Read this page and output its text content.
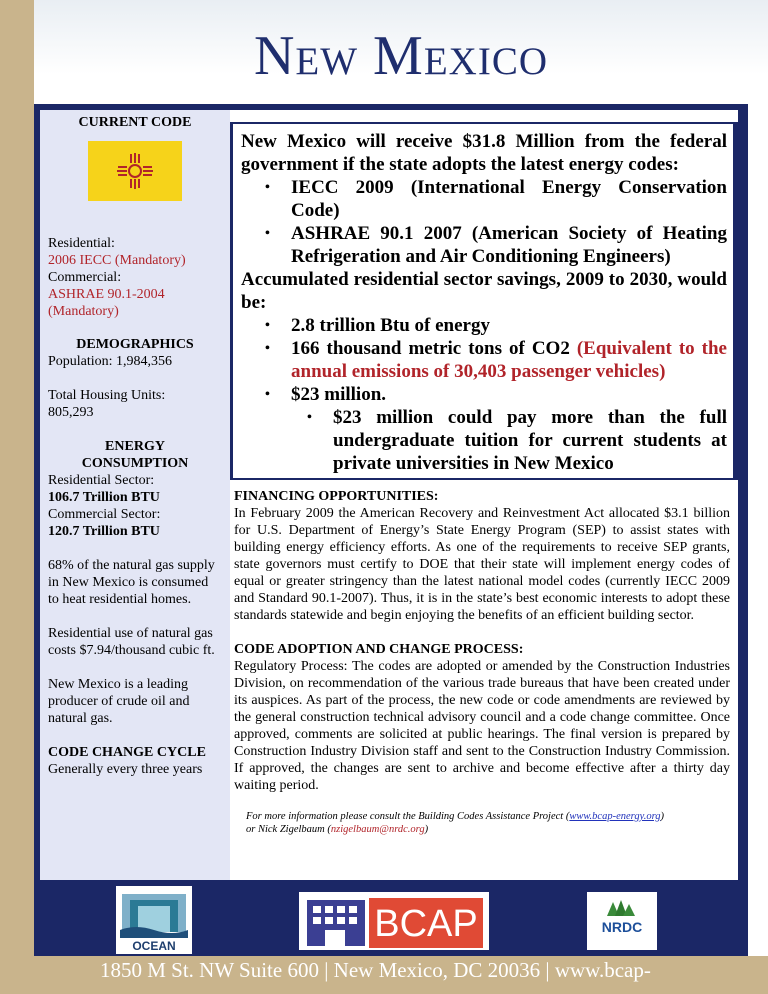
New Mexico

CURRENT CODE

Residential:

2006 IECC (Mandatory)

Commercial:

ASHRAE 90.1-2004

(Mandatory)

DEMOGRAPHICS

Population: 1,984,356

Total Housing Units:

805,293

ENERGY

CONSUMPTION

Residential Sector:

106.7 Trillion BTU

Commercial Sector:

120.7 Trillion BTU

68% of the natural gas supply in New Mexico is consumed to heat residential homes.

Residential use of natural gas costs $7.94/thousand cubic ft.

New Mexico is a leading producer of crude oil and natural gas.

CODE CHANGE CYCLE

Generally every three years

New Mexico will receive $31.8 Million from the federal government if the state adopts the latest energy codes:

• IECC 2009 (International Energy Conservation Code)
• ASHRAE 90.1 2007 (American Society of Heating Refrigeration and Air Conditioning Engineers)

Accumulated residential sector savings, 2009 to 2030, would be:

• 2.8 trillion Btu of energy
• 166 thousand metric tons of CO2 (Equivalent to the annual emissions of 30,403 passenger vehicles)
• $23 million.
• $23 million could pay more than the full undergraduate tuition for current students at private universities in New Mexico
FINANCING OPPORTUNITIES:

In February 2009 the American Recovery and Reinvestment Act allocated $3.1 billion for U.S. Department of Energy’s State Energy Program (SEP) to assist states with building energy efficiency efforts. As one of the requirements to receive SEP grants, state governors must certify to DOE that their state will implement energy codes of equal or greater stringency than the latest national model codes (currently IECC 2009 and Standard 90.1-2007). Thus, it is in the state’s best economic interests to adopt these standards statewide and begin enjoying the benefits of an efficient building sector.

CODE ADOPTION AND CHANGE PROCESS:

Regulatory Process: The codes are adopted or amended by the Construction Industries Division, on recommendation of the various trade bureaus that have been created under its auspices. As part of the process, the new code or code amendments are reviewed by the general construction technical advisory council and a code change committee. Once approved, comments are solicited at public hearings. The final version is prepared by Construction Industry Division staff and sent to the Construction Industry Commission. If approved, the changes are sent to archive and become effective after a thirty day waiting period.

For more information please consult the Building Codes Assistance Project (www.bcap-energy.org)
or Nick Zigelbaum (nzigelbaum@nrdc.org)

OCEAN
BCAP	NRDC
1850 M St. NW Suite 600 | New Mexico, DC 20036 | www.bcap-
